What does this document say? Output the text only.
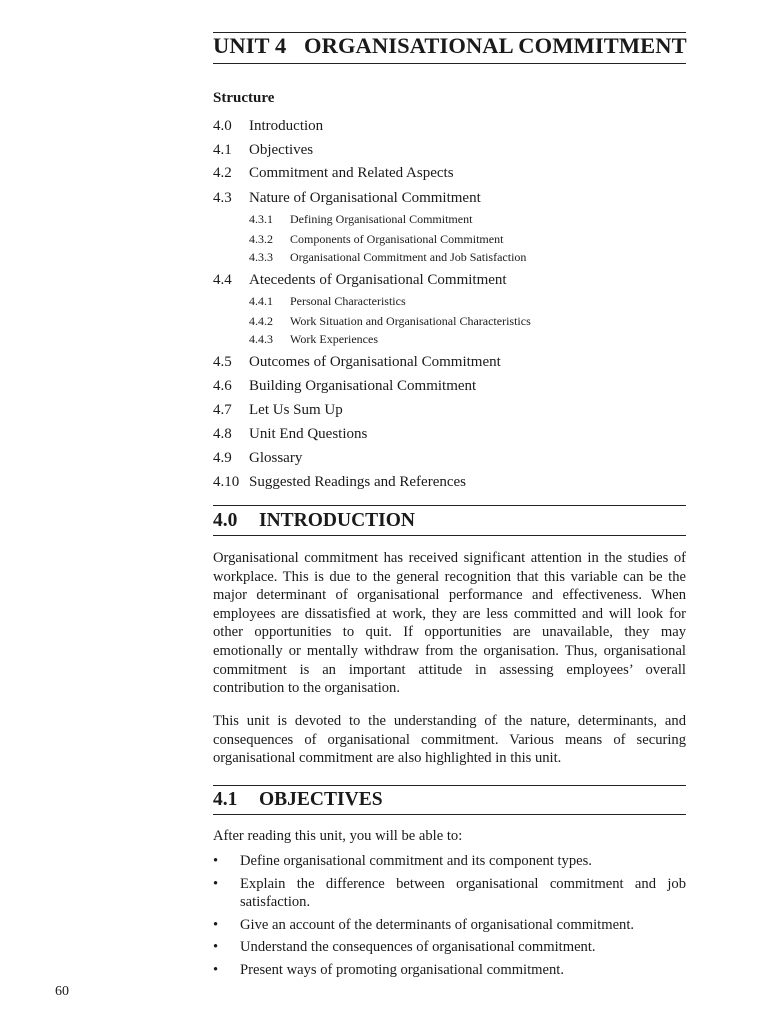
UNIT 4 ORGANISATIONAL COMMITMENT
Structure
4.0 Introduction
4.1 Objectives
4.2 Commitment and Related Aspects
4.3 Nature of Organisational Commitment
4.3.1 Defining Organisational Commitment
4.3.2 Components of Organisational Commitment
4.3.3 Organisational Commitment and Job Satisfaction
4.4 Atecedents of Organisational Commitment
4.4.1 Personal Characteristics
4.4.2 Work Situation and Organisational Characteristics
4.4.3 Work Experiences
4.5 Outcomes of Organisational Commitment
4.6 Building Organisational Commitment
4.7 Let Us Sum Up
4.8 Unit End Questions
4.9 Glossary
4.10 Suggested Readings and References
4.0 INTRODUCTION

Organisational commitment has received significant attention in the studies of workplace. This is due to the general recognition that this variable can be the major determinant of organisational performance and effectiveness. When employees are dissatisfied at work, they are less committed and will look for other opportunities to quit. If opportunities are unavailable, they may emotionally or mentally withdraw from the organisation. Thus, organisational commitment is an important attitude in assessing employees’ overall contribution to the organisation.

This unit is devoted to the understanding of the nature, determinants, and consequences of organisational commitment. Various means of securing organisational commitment are also highlighted in this unit.

4.1 OBJECTIVES
After reading this unit, you will be able to:
• Define organisational commitment and its component types.
• Explain the difference between organisational commitment and job satisfaction.
• Give an account of the determinants of organisational commitment.
• Understand the consequences of organisational commitment.
• Present ways of promoting organisational commitment.
60
